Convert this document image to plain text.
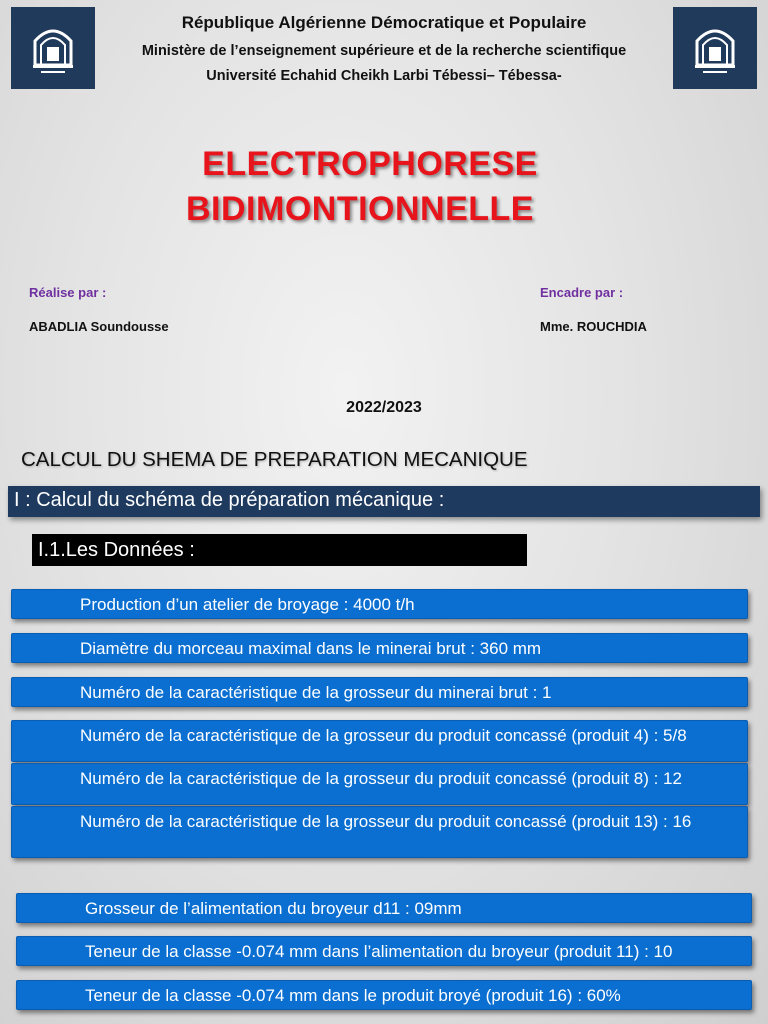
République Algérienne Démocratique et Populaire
Ministère de l’enseignement supérieure et de la recherche scientifique
Université Echahid Cheikh Larbi Tébessi– Tébessa-
ELECTROPHORESE
BIDIMONTIONNELLE
Réalise par :
ABADLIA Soundousse
Encadre par :
Mme. ROUCHDIA
2022/2023
CALCUL DU SHEMA DE PREPARATION MECANIQUE
I : Calcul du schéma de préparation mécanique :
I.1.Les Données :
Production d’un atelier de broyage : 4000 t/h
Diamètre du morceau maximal dans le minerai brut : 360 mm
Numéro de la caractéristique de la grosseur du minerai brut : 1
Numéro de la caractéristique de la grosseur du produit concassé (produit 4) : 5/8
Numéro de la caractéristique de la grosseur du produit concassé (produit 8) : 12
Numéro de la caractéristique de la grosseur du produit concassé (produit 13) : 16
Grosseur de l’alimentation du broyeur d11 : 09mm
Teneur de la classe -0.074 mm dans l’alimentation du broyeur (produit 11) : 10
Teneur de la classe -0.074 mm dans le produit broyé (produit 16) : 60%
